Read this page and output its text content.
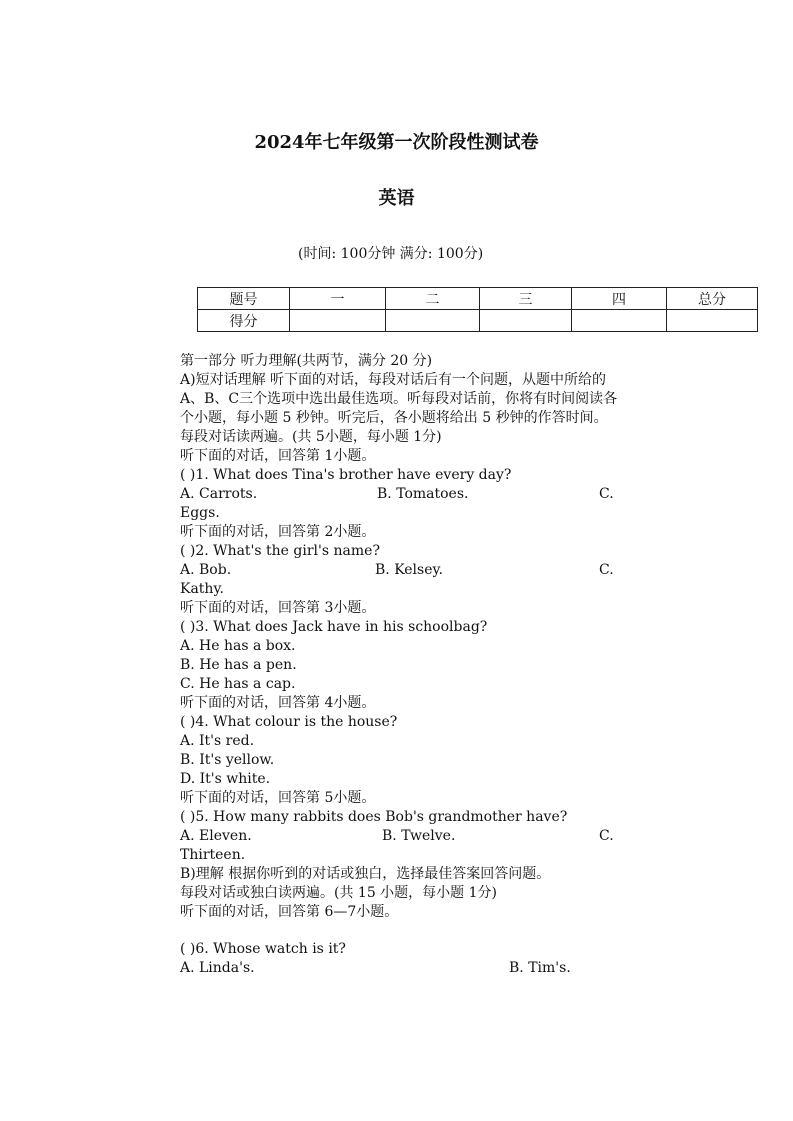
2024年七年级第一次阶段性测试卷
英语
(时间: 100分钟 满分: 100分)
题号	一	二	三	四	总分
得分					

第一部分 听力理解(共两节，满分 20 分)

A)短对话理解 听下面的对话，每段对话后有一个问题，从题中所给的 A、B、C三个选项中选出最佳选项。听每段对话前，你将有时间阅读各个小题，每小题 5 秒钟。听完后，各小题将给出 5 秒钟的作答时间。每段对话读两遍。(共 5小题，每小题 1分)

听下面的对话，回答第 1小题。

( )1. What does Tina's brother have every day?

A. Carrots.	B. Tomatoes.	C.

Eggs.

听下面的对话，回答第 2小题。

( )2. What's the girl's name?

A. Bob.	B. Kelsey.	C.

Kathy.

听下面的对话，回答第 3小题。

( )3. What does Jack have in his schoolbag?

A. He has a box.

B. He has a pen.

C. He has a cap.

听下面的对话，回答第 4小题。

( )4. What colour is the house?

A. It's red.

B. It's yellow.

D. It's white.

听下面的对话，回答第 5小题。

( )5. How many rabbits does Bob's grandmother have?

A. Eleven.	B. Twelve.	C.

Thirteen.

B)理解 根据你听到的对话或独白，选择最佳答案回答问题。

每段对话或独白读两遍。(共 15 小题，每小题 1分)

听下面的对话，回答第 6—7小题。

( )6. Whose watch is it?

A. Linda's.	B. Tim's.
